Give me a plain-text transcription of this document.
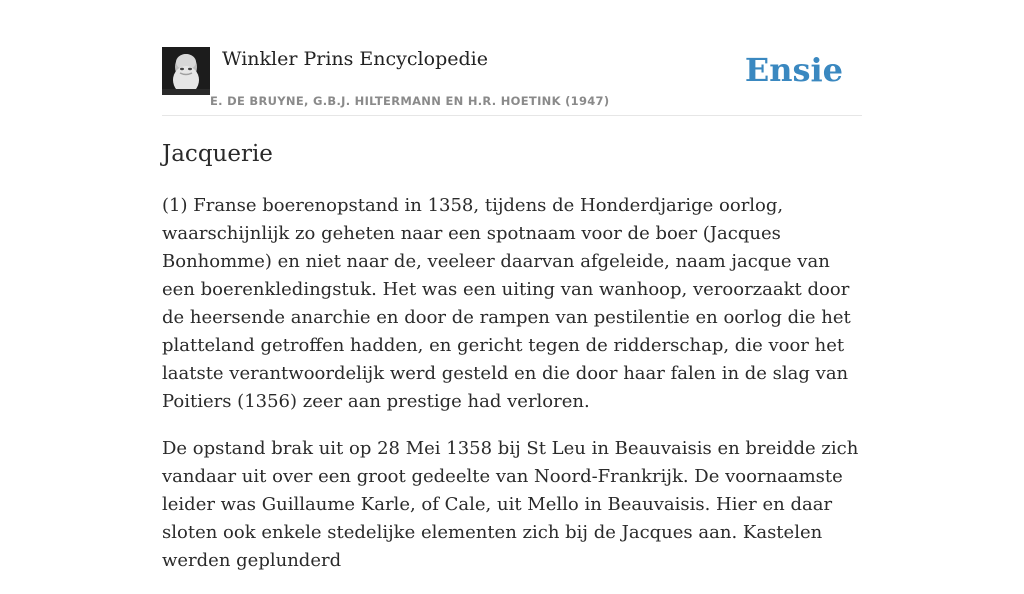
Winkler Prins Encyclopedie
E. DE BRUYNE, G.B.J. HILTERMANN EN H.R. HOETINK (1947)
Ensie
Jacquerie

(1) Franse boerenopstand in 1358, tijdens de Honderdjarige oorlog, waarschijnlijk zo geheten naar een spotnaam voor de boer (Jacques Bonhomme) en niet naar de, veeleer daarvan afgeleide, naam jacque van een boerenkledingstuk. Het was een uiting van wanhoop, veroorzaakt door de heersende anarchie en door de rampen van pestilentie en oorlog die het platteland getroffen hadden, en gericht tegen de ridderschap, die voor het laatste verantwoordelijk werd gesteld en die door haar falen in de slag van Poitiers (1356) zeer aan prestige had verloren.

De opstand brak uit op 28 Mei 1358 bij St Leu in Beauvaisis en breidde zich vandaar uit over een groot gedeelte van Noord-Frankrijk. De voornaamste leider was Guillaume Karle, of Cale, uit Mello in Beauvaisis. Hier en daar sloten ook enkele stedelijke elementen zich bij de Jacques aan. Kastelen werden geplunderd
